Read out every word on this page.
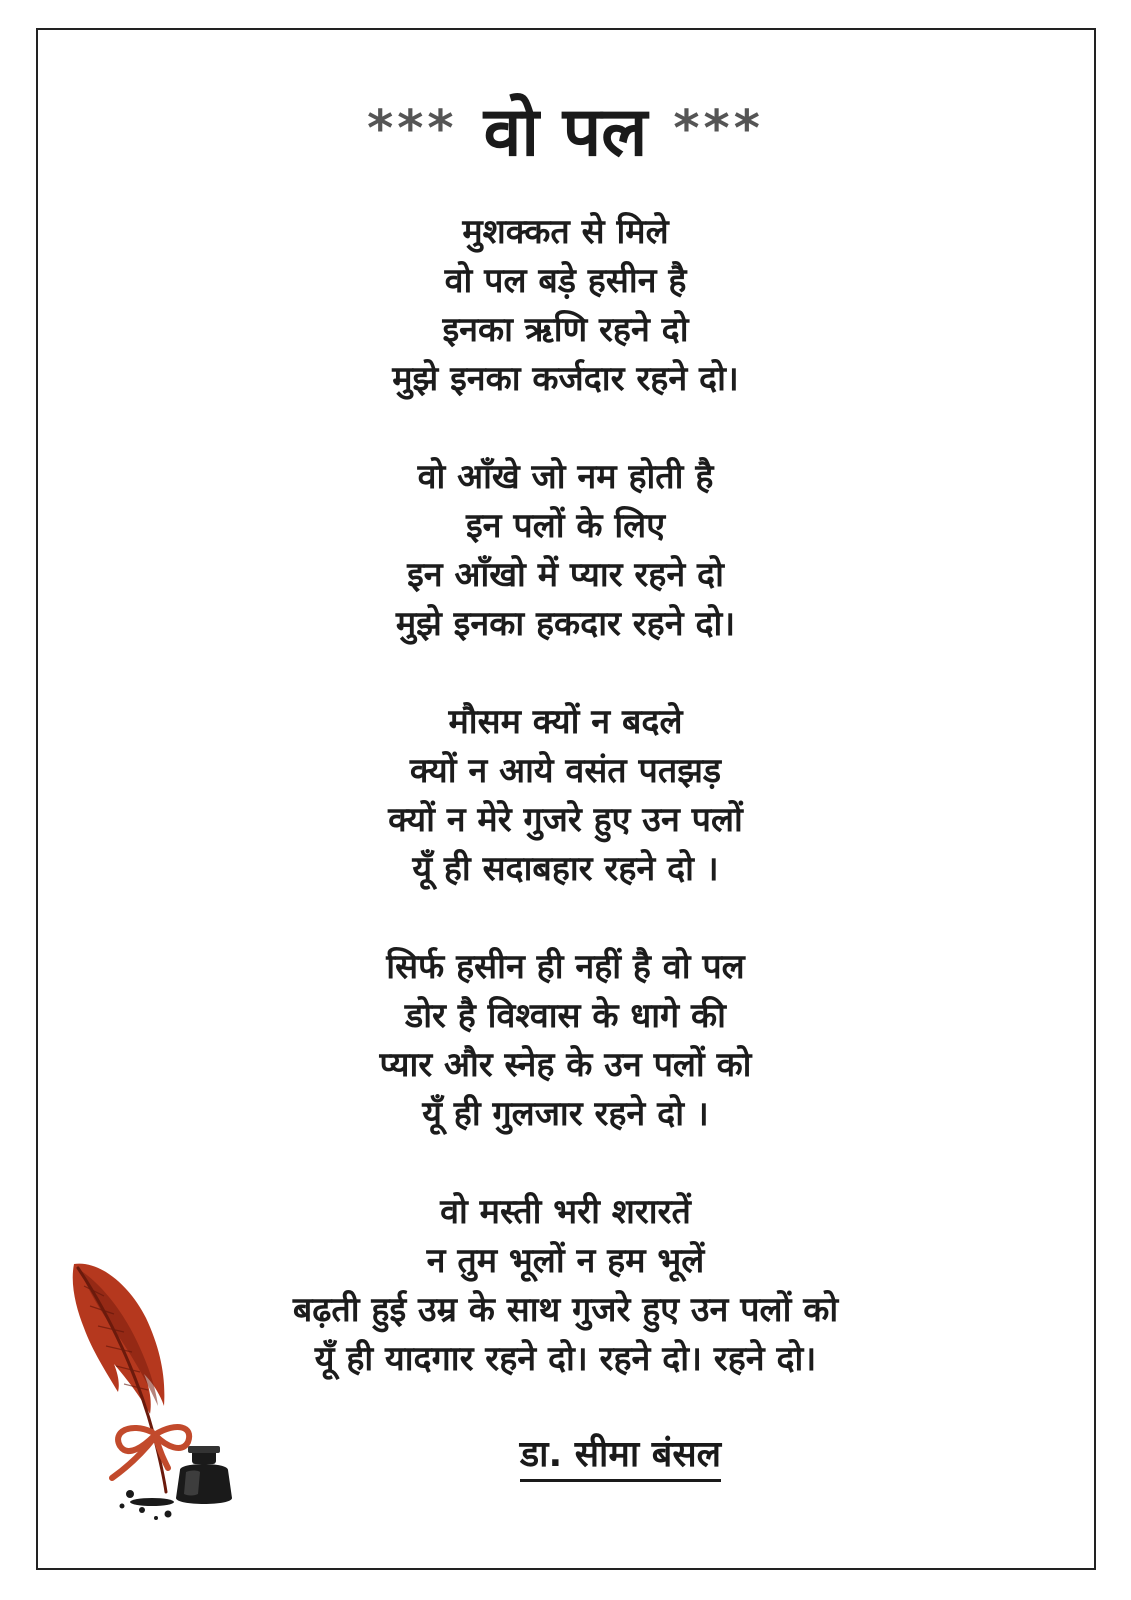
*** वो पल ***
मुशक्कत से मिले
वो पल बड़े हसीन है
इनका ऋणि रहने दो
मुझे इनका कर्जदार रहने दो।
वो आँखे जो नम होती है
इन पलों के लिए
इन आँखो में प्यार रहने दो
मुझे इनका हकदार रहने दो।
मौसम क्यों न बदले
क्यों न आये वसंत पतझड़
क्यों न मेरे गुजरे हुए उन पलों
यूँ ही सदाबहार रहने दो ।
सिर्फ हसीन ही नहीं है वो पल
डोर है विश्वास के धागे की
प्यार और स्नेह के उन पलों को
यूँ ही गुलजार रहने दो ।
वो मस्ती भरी शरारतें
न तुम भूलों न हम भूलें
बढ़ती हुई उम्र के साथ गुजरे हुए उन पलों को
यूँ ही यादगार रहने दो। रहने दो। रहने दो।
डा. सीमा बंसल
